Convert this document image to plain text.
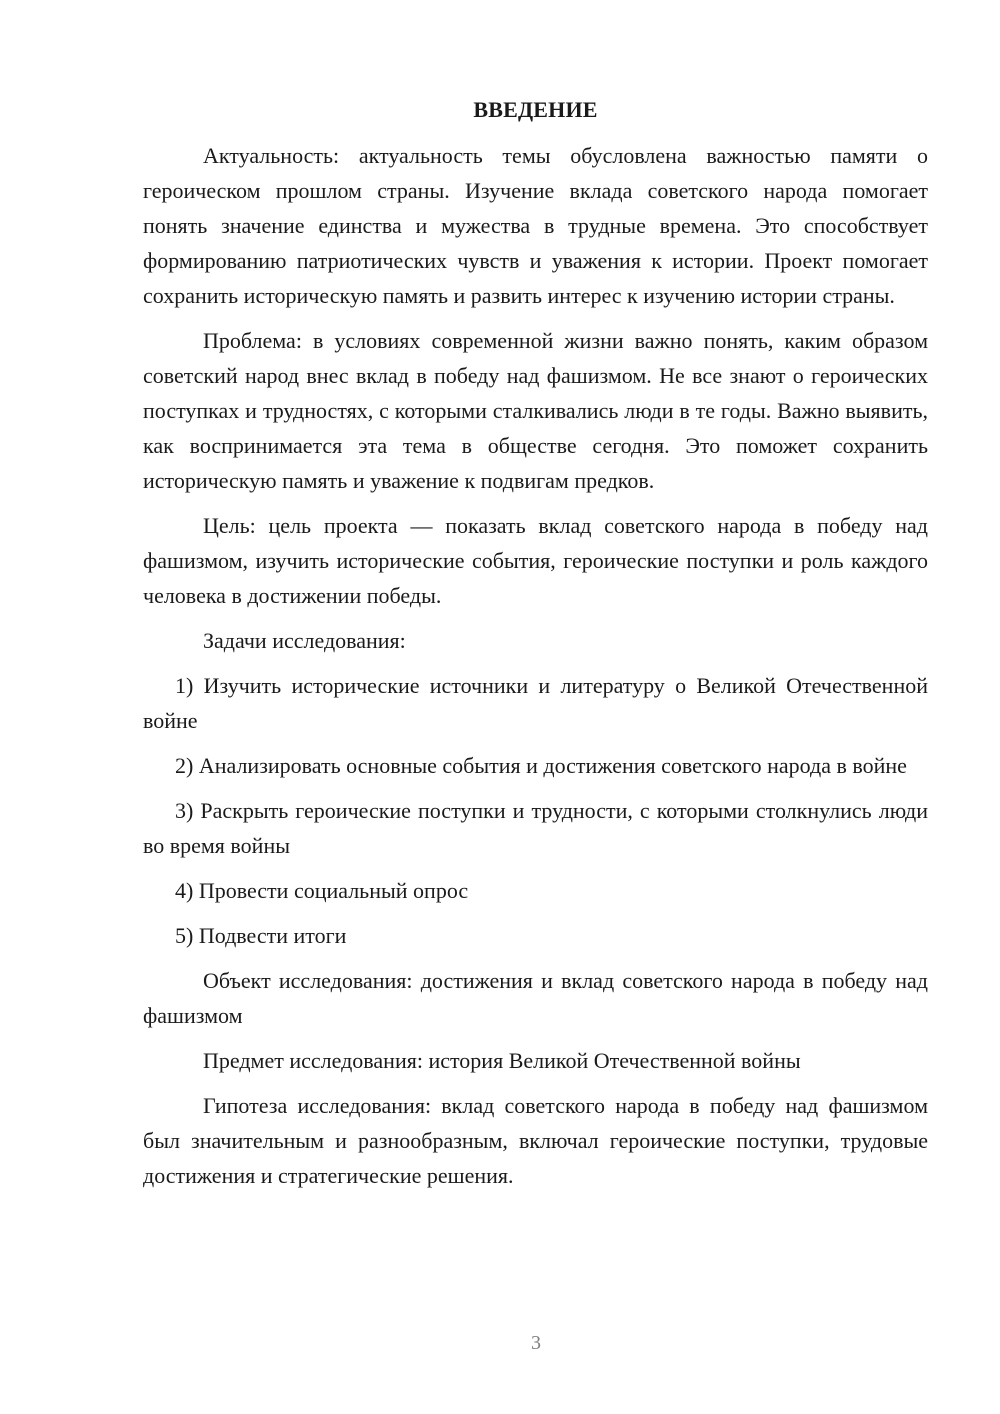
ВВЕДЕНИЕ

Актуальность: актуальность темы обусловлена важностью памяти о героическом прошлом страны. Изучение вклада советского народа помогает понять значение единства и мужества в трудные времена. Это способствует формированию патриотических чувств и уважения к истории. Проект помогает сохранить историческую память и развить интерес к изучению истории страны.

Проблема: в условиях современной жизни важно понять, каким образом советский народ внес вклад в победу над фашизмом. Не все знают о героических поступках и трудностях, с которыми сталкивались люди в те годы. Важно выявить, как воспринимается эта тема в обществе сегодня. Это поможет сохранить историческую память и уважение к подвигам предков.

Цель: цель проекта — показать вклад советского народа в победу над фашизмом, изучить исторические события, героические поступки и роль каждого человека в достижении победы.

Задачи исследования:

1) Изучить исторические источники и литературу о Великой Отечественной войне

2) Анализировать основные события и достижения советского народа в войне

3) Раскрыть героические поступки и трудности, с которыми столкнулись люди во время войны

4) Провести социальный опрос

5) Подвести итоги

Объект исследования: достижения и вклад советского народа в победу над фашизмом

Предмет исследования: история Великой Отечественной войны

Гипотеза исследования: вклад советского народа в победу над фашизмом был значительным и разнообразным, включал героические поступки, трудовые достижения и стратегические решения.

3
